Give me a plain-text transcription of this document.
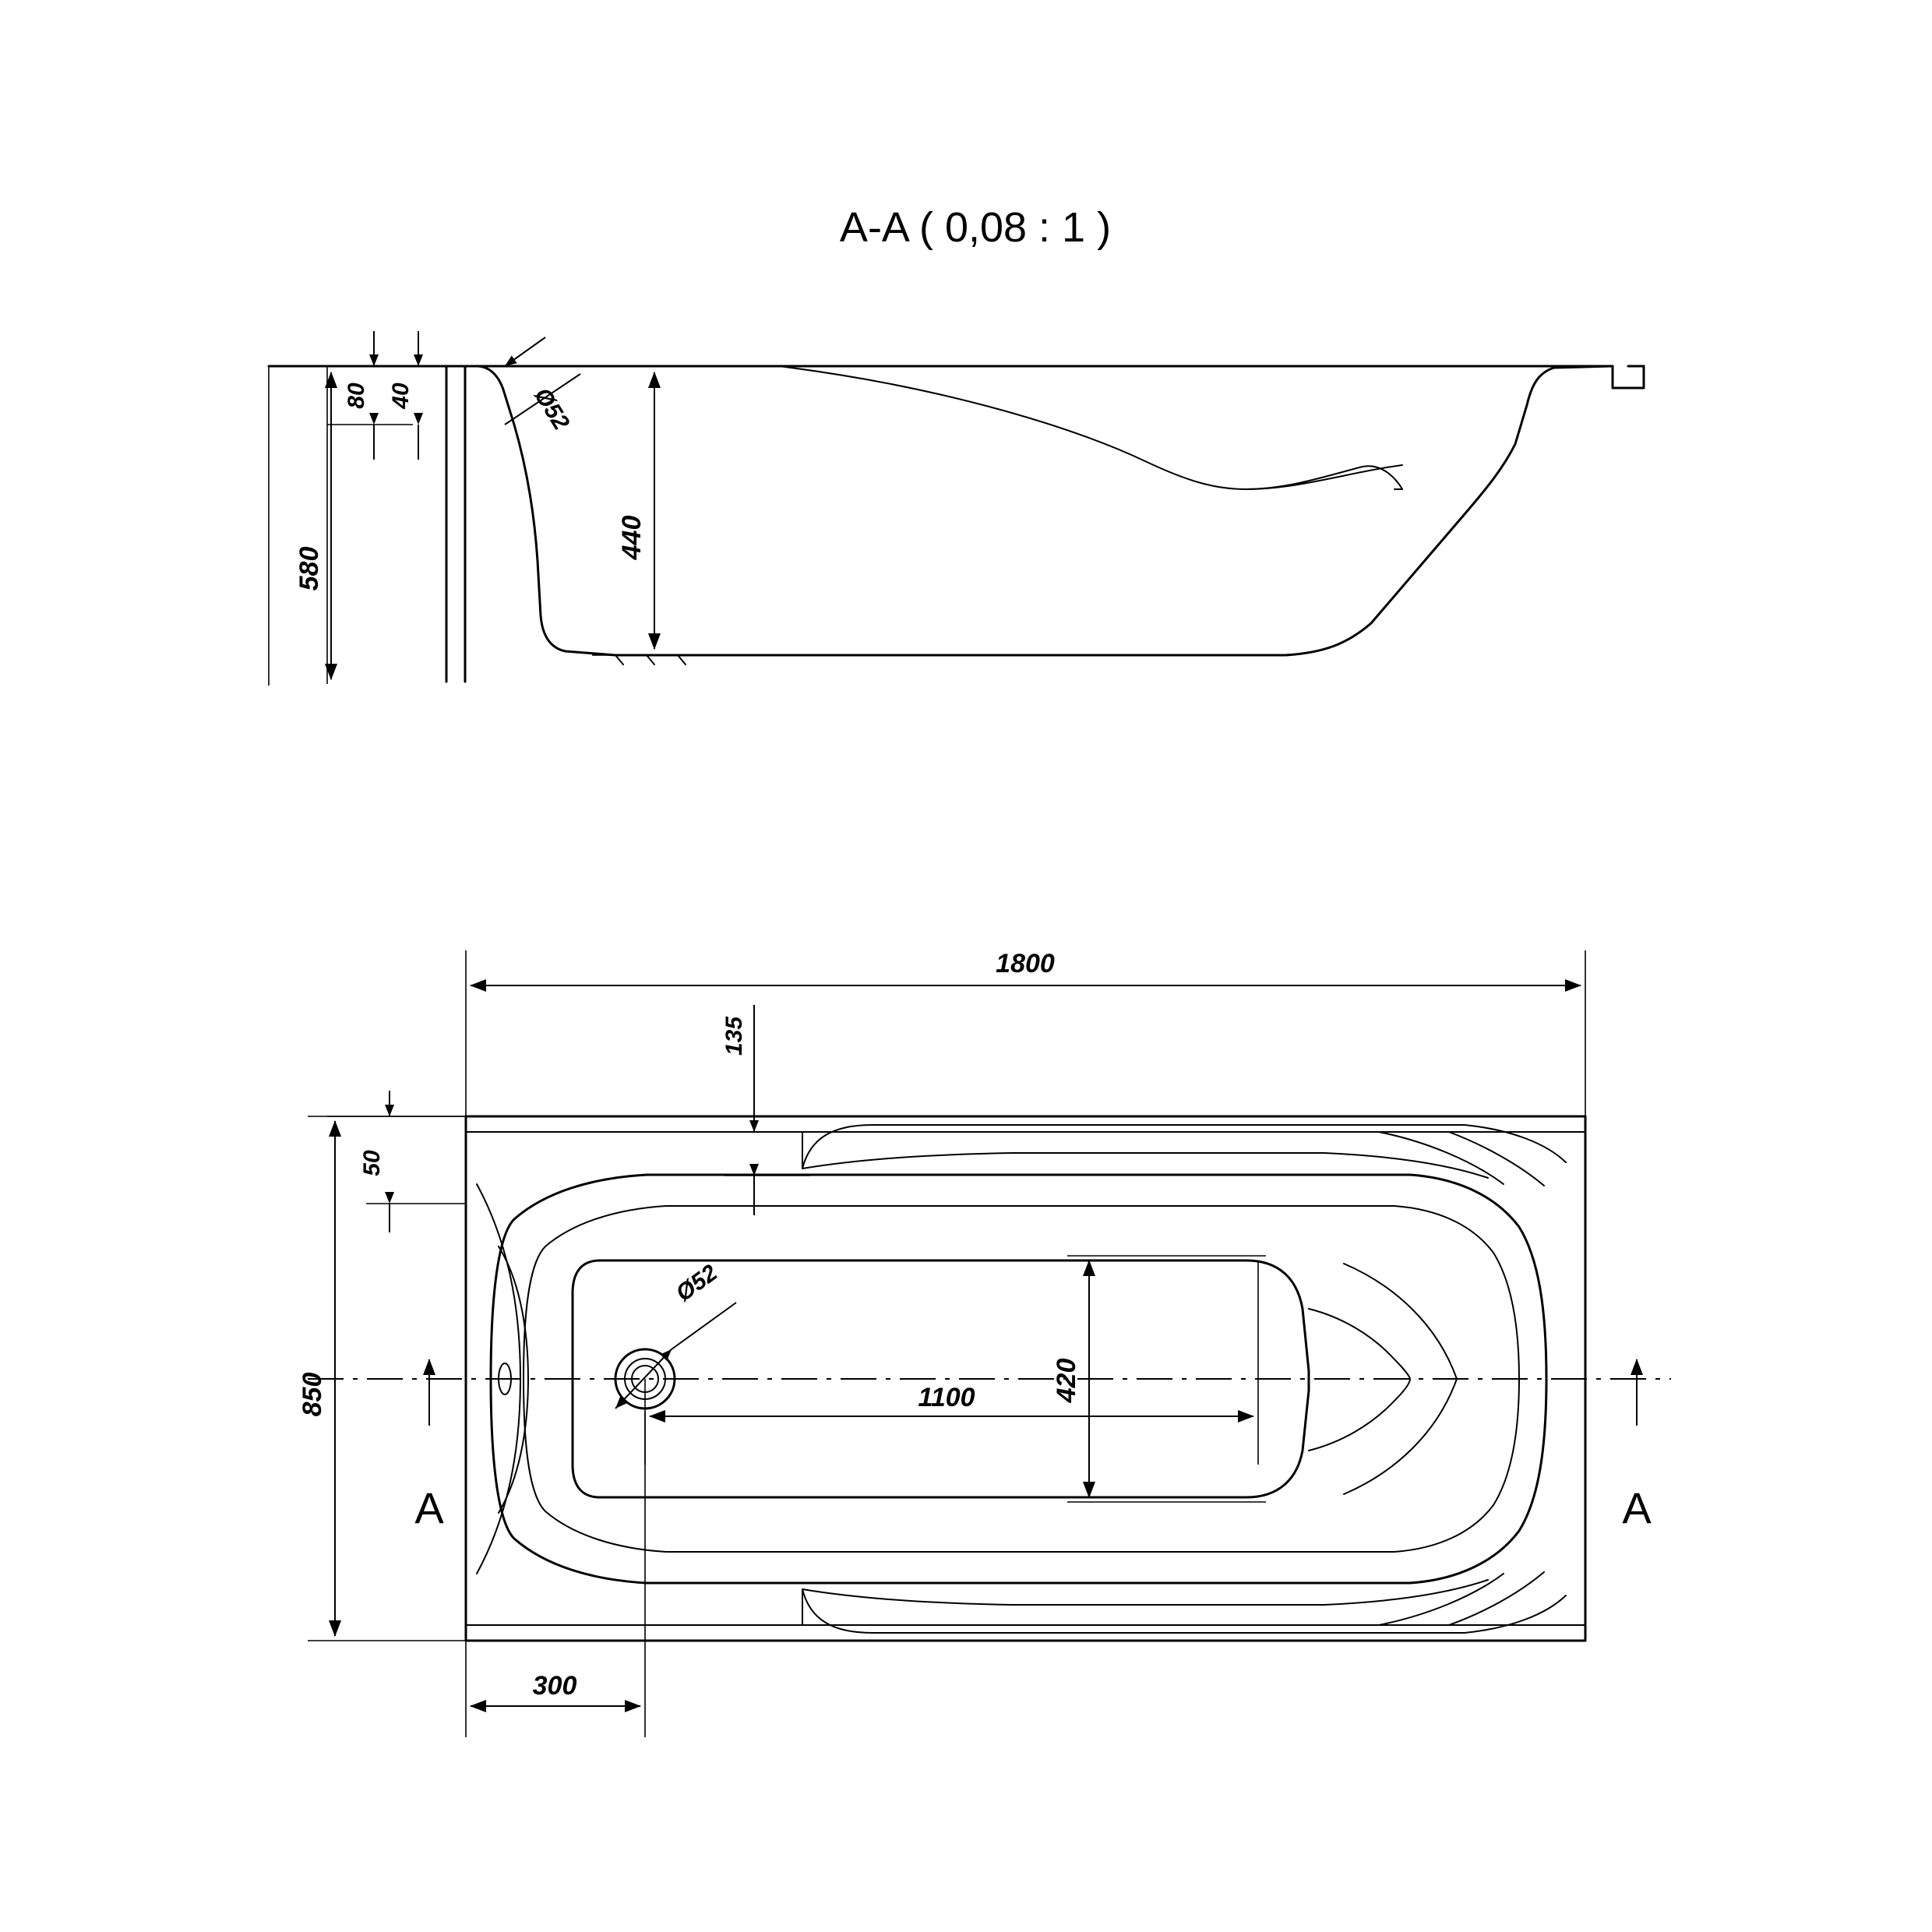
A-A ( 0,08 : 1 )
580
440
80 40	Ø52
Ø52
1800
850
50
135
1100	420
300
A	A
